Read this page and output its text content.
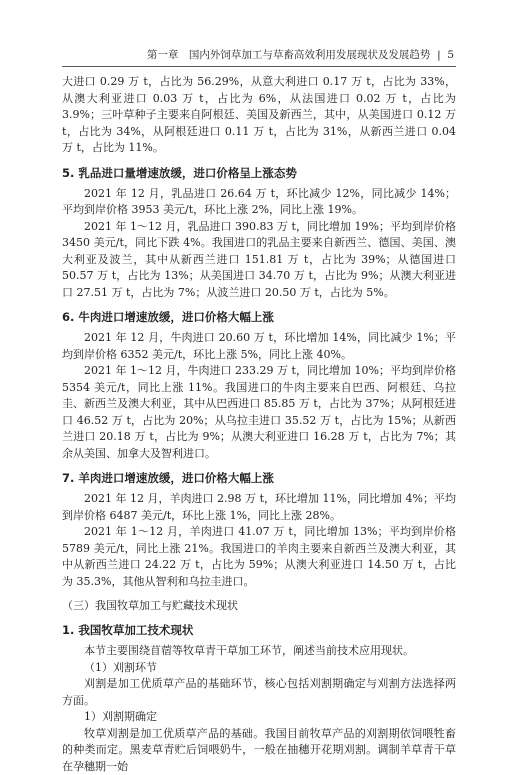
第一章　国内外饲草加工与草畜高效利用发展现状及发展趋势  |  5

大进口 0.29 万 t，占比为 56.29%，从意大利进口 0.17 万 t，占比为 33%，从澳大利亚进口 0.03 万 t，占比为 6%，从法国进口 0.02 万 t，占比为 3.9%；三叶草种子主要来自阿根廷、美国及新西兰，其中，从美国进口 0.12 万 t，占比为 34%，从阿根廷进口 0.11 万 t，占比为 31%，从新西兰进口 0.04 万 t，占比为 11%。

5. 乳品进口量增速放缓，进口价格呈上涨态势

2021 年 12 月，乳品进口 26.64 万 t，环比减少 12%，同比减少 14%；平均到岸价格 3953 美元/t，环比上涨 2%，同比上涨 19%。

2021 年 1～12 月，乳品进口 390.83 万 t，同比增加 19%；平均到岸价格 3450 美元/t，同比下跌 4%。我国进口的乳品主要来自新西兰、德国、美国、澳大利亚及波兰，其中从新西兰进口 151.81 万 t，占比为 39%；从德国进口 50.57 万 t，占比为 13%；从美国进口 34.70 万 t，占比为 9%；从澳大利亚进口 27.51 万 t，占比为 7%；从波兰进口 20.50 万 t，占比为 5%。

6. 牛肉进口增速放缓，进口价格大幅上涨

2021 年 12 月，牛肉进口 20.60 万 t，环比增加 14%，同比减少 1%；平均到岸价格 6352 美元/t，环比上涨 5%，同比上涨 40%。

2021 年 1～12 月，牛肉进口 233.29 万 t，同比增加 10%；平均到岸价格 5354 美元/t，同比上涨 11%。我国进口的牛肉主要来自巴西、阿根廷、乌拉圭、新西兰及澳大利亚，其中从巴西进口 85.85 万 t，占比为 37%；从阿根廷进口 46.52 万 t，占比为 20%；从乌拉圭进口 35.52 万 t，占比为 15%；从新西兰进口 20.18 万 t，占比为 9%；从澳大利亚进口 16.28 万 t，占比为 7%；其余从美国、加拿大及智利进口。

7. 羊肉进口增速放缓，进口价格大幅上涨

2021 年 12 月，羊肉进口 2.98 万 t，环比增加 11%，同比增加 4%；平均到岸价格 6487 美元/t，环比上涨 1%，同比上涨 28%。

2021 年 1～12 月，羊肉进口 41.07 万 t，同比增加 13%；平均到岸价格 5789 美元/t，同比上涨 21%。我国进口的羊肉主要来自新西兰及澳大利亚，其中从新西兰进口 24.22 万 t，占比为 59%；从澳大利亚进口 14.50 万 t，占比为 35.3%，其他从智利和乌拉圭进口。

（三）我国牧草加工与贮藏技术现状
1. 我国牧草加工技术现状

本节主要围绕苜蓿等牧草青干草加工环节，阐述当前技术应用现状。

（1）刈割环节

刈割是加工优质草产品的基础环节，核心包括刈割期确定与刈割方法选择两方面。

1）刈割期确定

牧草刈割是加工优质草产品的基础。我国目前牧草产品的刈割期依饲喂牲畜的种类而定。黑麦草青贮后饲喂奶牛，一般在抽穗开花期刈割。调制羊草青干草在孕穗期一始
